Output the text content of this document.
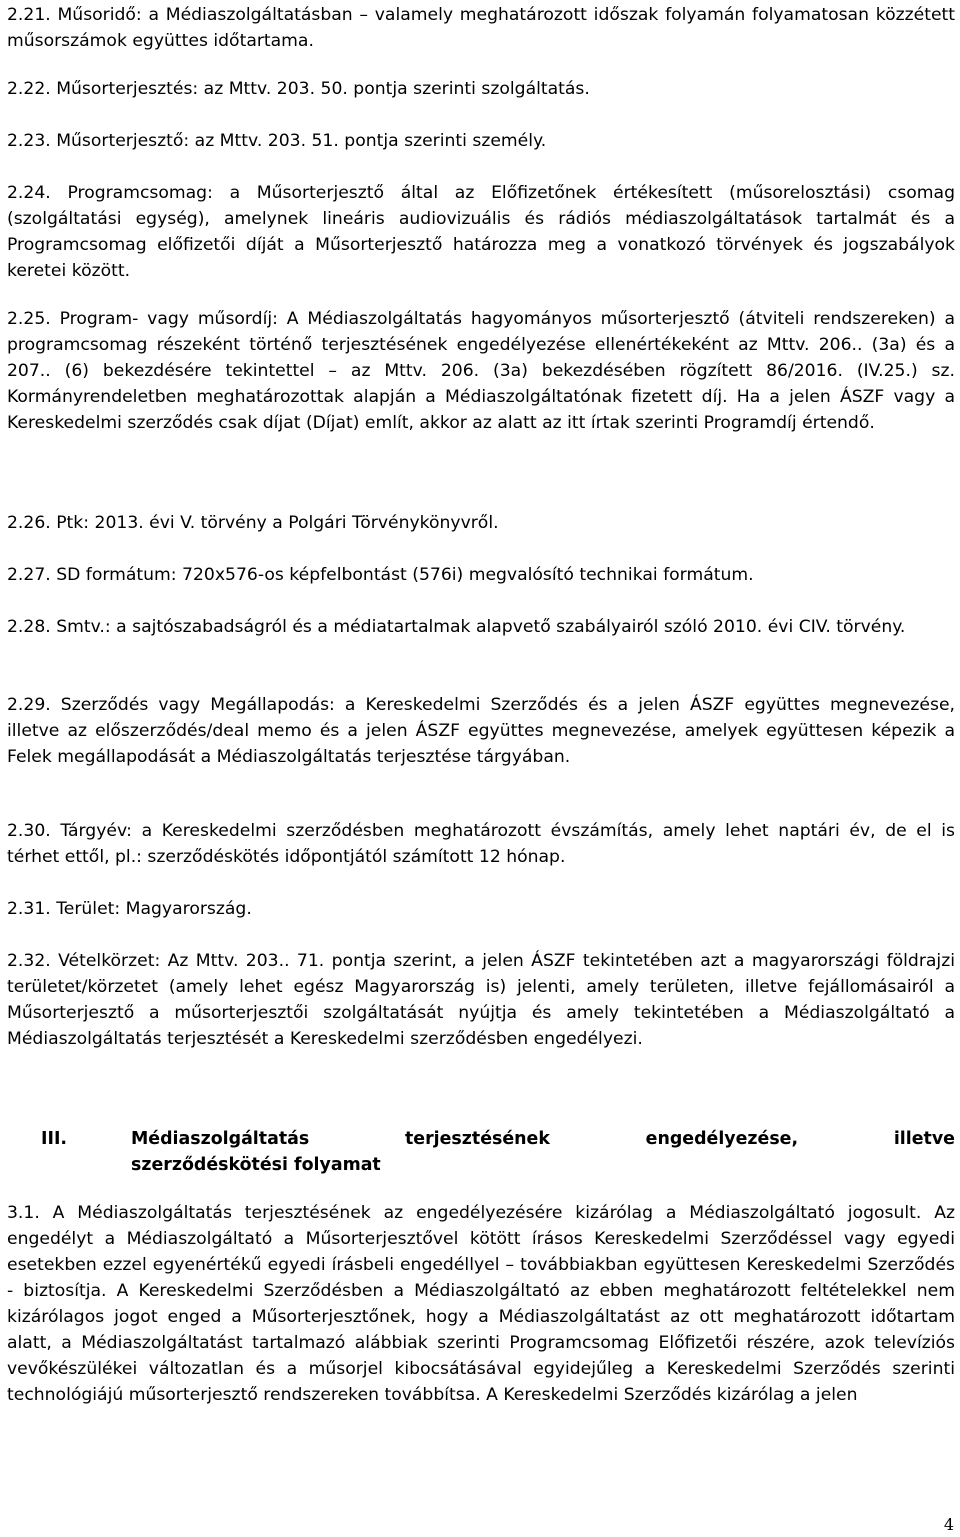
2.21. Műsoridő: a Médiaszolgáltatásban – valamely meghatározott időszak folyamán folyamatosan közzétett műsorszámok együttes időtartama.

2.22. Műsorterjesztés: az Mttv. 203. 50. pontja szerinti szolgáltatás.

2.23. Műsorterjesztő: az Mttv. 203. 51. pontja szerinti személy.

2.24. Programcsomag: a Műsorterjesztő által az Előfizetőnek értékesített (műsorelosztási) csomag (szolgáltatási egység), amelynek lineáris audiovizuális és rádiós médiaszolgáltatások tartalmát és a Programcsomag előfizetői díját a Műsorterjesztő határozza meg a vonatkozó törvények és jogszabályok keretei között.

2.25. Program- vagy műsordíj: A Médiaszolgáltatás hagyományos műsorterjesztő (átviteli rendszereken) a programcsomag részeként történő terjesztésének engedélyezése ellenértékeként az Mttv. 206.. (3a) és a 207.. (6) bekezdésére tekintettel – az Mttv. 206. (3a) bekezdésében rögzített 86/2016. (IV.25.) sz. Kormányrendeletben meghatározottak alapján a Médiaszolgáltatónak fizetett díj. Ha a jelen ÁSZF vagy a Kereskedelmi szerződés csak díjat (Díjat) említ, akkor az alatt az itt írtak szerinti Programdíj értendő.

2.26. Ptk: 2013. évi V. törvény a Polgári Törvénykönyvről.

2.27. SD formátum: 720x576-os képfelbontást (576i) megvalósító technikai formátum.

2.28. Smtv.: a sajtószabadságról és a médiatartalmak alapvető szabályairól szóló 2010. évi CIV. törvény.

2.29. Szerződés vagy Megállapodás: a Kereskedelmi Szerződés és a jelen ÁSZF együttes megnevezése, illetve az előszerződés/deal memo és a jelen ÁSZF együttes megnevezése, amelyek együttesen képezik a Felek megállapodását a Médiaszolgáltatás terjesztése tárgyában.

2.30. Tárgyév: a Kereskedelmi szerződésben meghatározott évszámítás, amely lehet naptári év, de el is térhet ettől, pl.: szerződéskötés időpontjától számított 12 hónap.

2.31. Terület: Magyarország.

2.32. Vételkörzet: Az Mttv. 203.. 71. pontja szerint, a jelen ÁSZF tekintetében azt a magyarországi földrajzi területet/körzetet (amely lehet egész Magyarország is) jelenti, amely területen, illetve fejállomásairól a Műsorterjesztő a műsorterjesztői szolgáltatását nyújtja és amely tekintetében a Médiaszolgáltató a Médiaszolgáltatás terjesztését a Kereskedelmi szerződésben engedélyezi.

III.	Médiaszolgáltatás	terjesztésének	engedélyezése,	illetve
szerződéskötési folyamat

3.1. A Médiaszolgáltatás terjesztésének az engedélyezésére kizárólag a Médiaszolgáltató jogosult. Az engedélyt a Médiaszolgáltató a Műsorterjesztővel kötött írásos Kereskedelmi Szerződéssel vagy egyedi esetekben ezzel egyenértékű egyedi írásbeli engedéllyel – továbbiakban együttesen Kereskedelmi Szerződés - biztosítja. A Kereskedelmi Szerződésben a Médiaszolgáltató az ebben meghatározott feltételekkel nem kizárólagos jogot enged a Műsorterjesztőnek, hogy a Médiaszolgáltatást az ott meghatározott időtartam alatt, a Médiaszolgáltatást tartalmazó alábbiak szerinti Programcsomag Előfizetői részére, azok televíziós vevőkészülékei változatlan és a műsorjel kibocsátásával egyidejűleg a Kereskedelmi Szerződés szerinti technológiájú műsorterjesztő rendszereken továbbítsa. A Kereskedelmi Szerződés kizárólag a jelen

4
